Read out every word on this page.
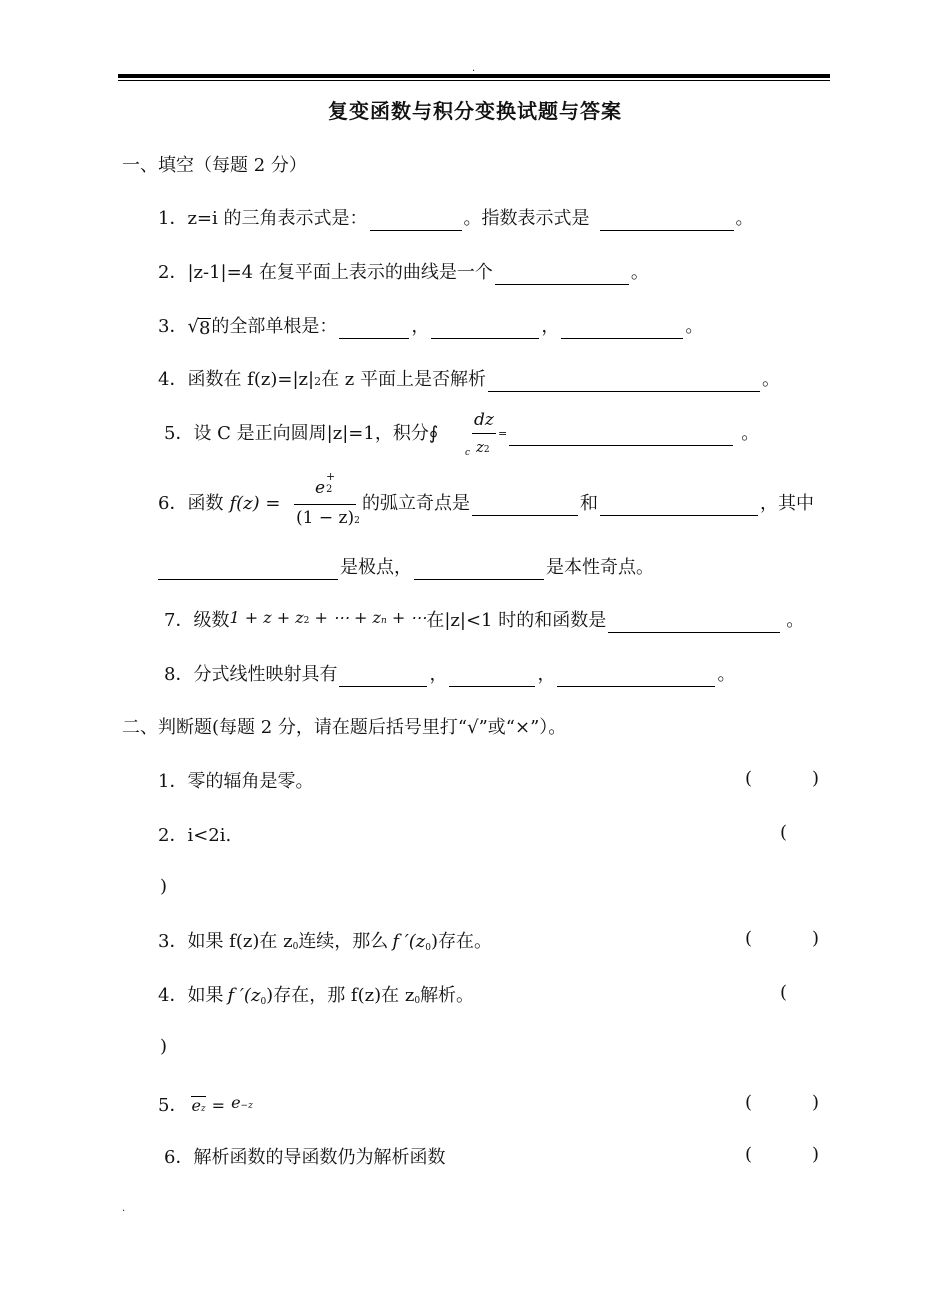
.
复变函数与积分变换试题与答案
一、填空（每题 2 分）
1． z=i 的三角表示式是：	。指数表示式是	。
2． |z-1|=4 在复平面上表示的曲线是一个	。
3． √ 8 的全部单根是：	，	，	。
4． 函数在 f(z)=|z| 2 在 z 平面上是否解析	。
5． 设 C 是正向圆周|z|=1，积分 ∮
c
dz
z2
=	。
6． 函数 f(z) =
e
+
2
(1 − z)2
的弧立奇点是	和	，其中
是极点，	是本性奇点。
7． 级数 1 + z + z2 + ⋯ + zn + ⋯ 在|z|<1 时的和函数是	。
8． 分式线性映射具有	，	，	。
二、判断题(每题 2 分，请在题后括号里打“√”或“×”）。
1． 零的辐角是零。	(	)
2． i<2i.	(
)
3． 如果 f(z)在 z 0 连续，那么 f ′(z 0 ) 存在。	(	)
4． 如果 f ′(z 0 ) 存在，那 f(z)在 z 0 解析。	(
)
5． ez = e−z	(	)
6． 解析函数的导函数仍为解析函数	(	)
.
